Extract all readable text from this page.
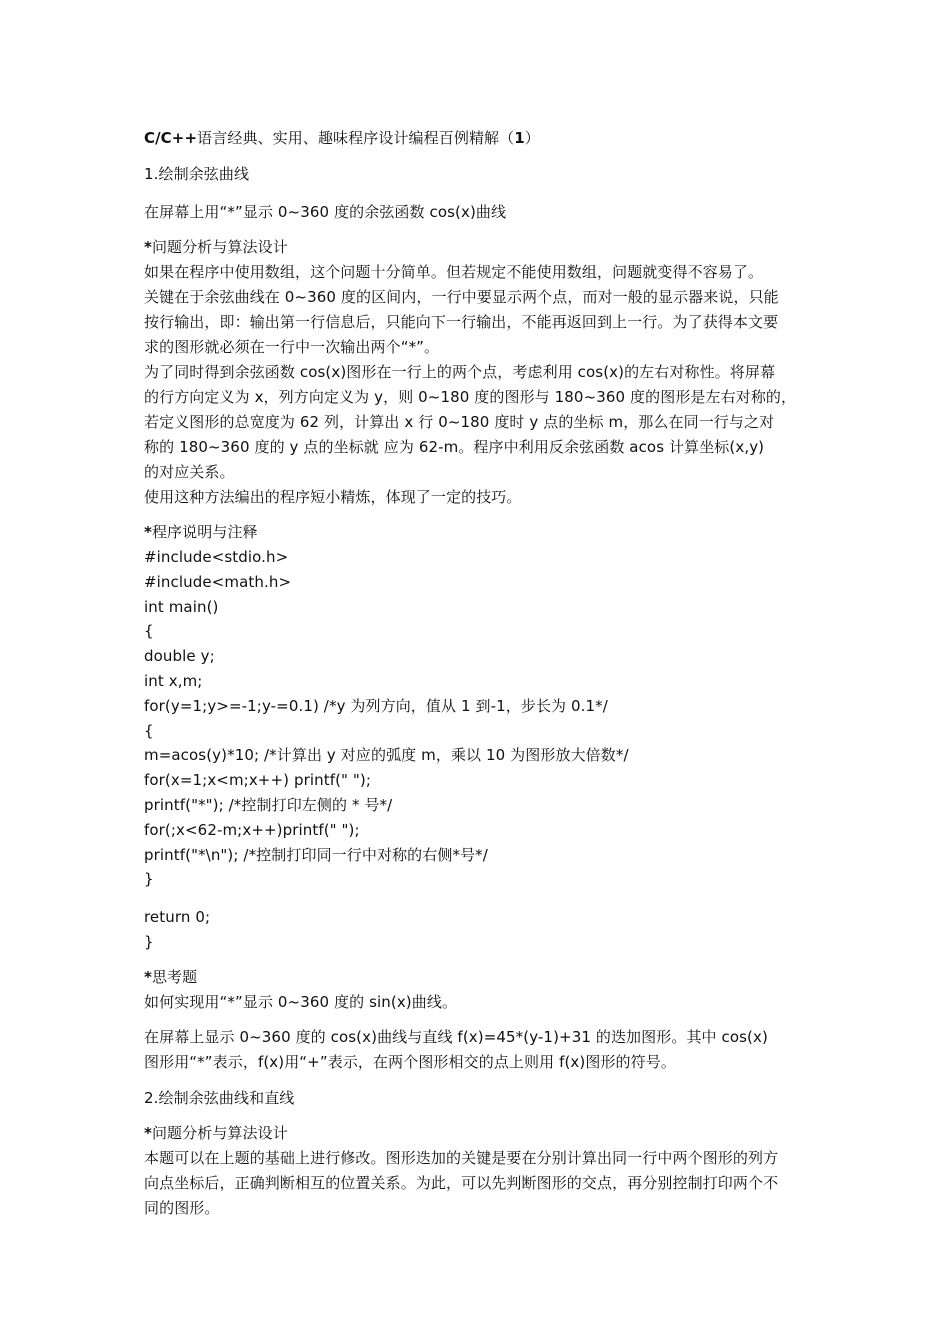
C/C++语言经典、实用、趣味程序设计编程百例精解（1）

1.绘制余弦曲线

在屏幕上用“*”显示 0~360 度的余弦函数 cos(x)曲线

*问题分析与算法设计

如果在程序中使用数组，这个问题十分简单。但若规定不能使用数组，问题就变得不容易了。

关键在于余弦曲线在 0~360 度的区间内，一行中要显示两个点，而对一般的显示器来说，只能

按行输出，即：输出第一行信息后，只能向下一行输出，不能再返回到上一行。为了获得本文要

求的图形就必须在一行中一次输出两个“*”。

为了同时得到余弦函数 cos(x)图形在一行上的两个点，考虑利用 cos(x)的左右对称性。将屏幕

的行方向定义为 x，列方向定义为 y，则 0~180 度的图形与 180~360 度的图形是左右对称的，

若定义图形的总宽度为 62 列，计算出 x 行 0~180 度时 y 点的坐标 m，那么在同一行与之对

称的 180~360 度的 y 点的坐标就 应为 62-m。程序中利用反余弦函数 acos 计算坐标(x,y)

的对应关系。

使用这种方法编出的程序短小精炼，体现了一定的技巧。

*程序说明与注释

#include<stdio.h>

#include<math.h>

int main()

{

double y;

int x,m;

for(y=1;y>=-1;y-=0.1) /*y 为列方向，值从 1 到-1，步长为 0.1*/

{

m=acos(y)*10; /*计算出 y 对应的弧度 m，乘以 10 为图形放大倍数*/

for(x=1;x<m;x++) printf(" ");

printf("*"); /*控制打印左侧的 * 号*/

for(;x<62-m;x++)printf(" ");

printf("*\n"); /*控制打印同一行中对称的右侧*号*/

}

return 0;

}

*思考题

如何实现用“*”显示 0~360 度的 sin(x)曲线。

在屏幕上显示 0~360 度的 cos(x)曲线与直线 f(x)=45*(y-1)+31 的迭加图形。其中 cos(x)

图形用“*”表示，f(x)用“+”表示，在两个图形相交的点上则用 f(x)图形的符号。

2.绘制余弦曲线和直线

*问题分析与算法设计

本题可以在上题的基础上进行修改。图形迭加的关键是要在分别计算出同一行中两个图形的列方

向点坐标后，正确判断相互的位置关系。为此，可以先判断图形的交点，再分别控制打印两个不

同的图形。
